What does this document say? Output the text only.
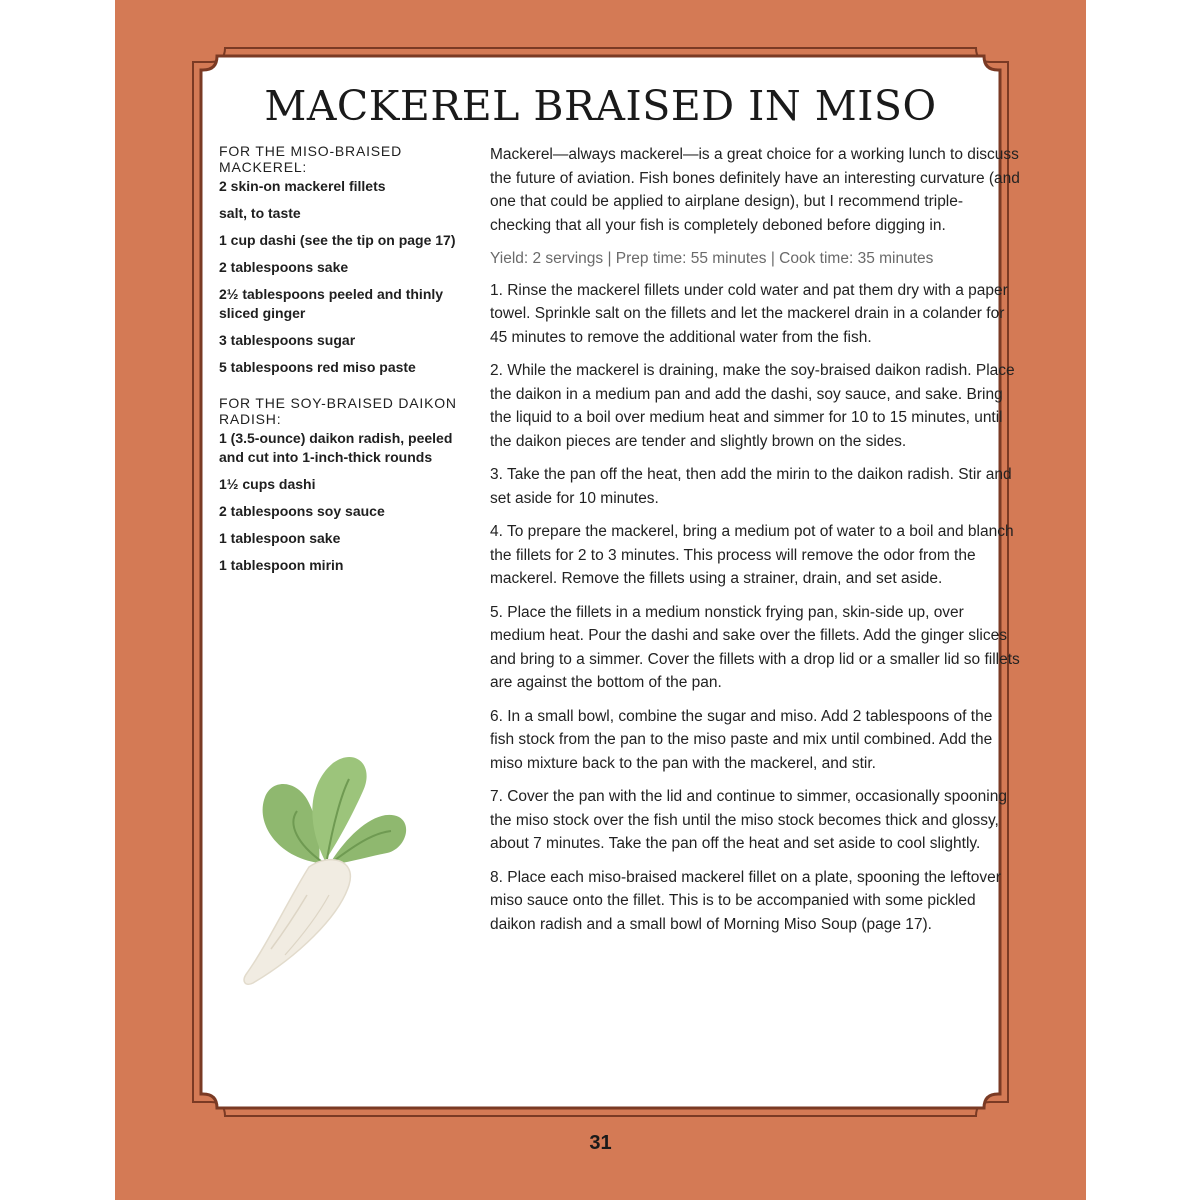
MACKEREL BRAISED IN MISO
FOR THE MISO-BRAISED MACKEREL:
2 skin-on mackerel fillets
salt, to taste
1 cup dashi (see the tip on page 17)
2 tablespoons sake
2½ tablespoons peeled and thinly sliced ginger
3 tablespoons sugar
5 tablespoons red miso paste
FOR THE SOY-BRAISED DAIKON RADISH:
1 (3.5-ounce) daikon radish, peeled and cut into 1-inch-thick rounds
1½ cups dashi
2 tablespoons soy sauce
1 tablespoon sake
1 tablespoon mirin

Mackerel—always mackerel—is a great choice for a working lunch to discuss the future of aviation. Fish bones definitely have an interesting curvature (and one that could be applied to airplane design), but I recommend triple-checking that all your fish is completely deboned before digging in.

Yield: 2 servings | Prep time: 55 minutes | Cook time: 35 minutes

1. Rinse the mackerel fillets under cold water and pat them dry with a paper towel. Sprinkle salt on the fillets and let the mackerel drain in a colander for 45 minutes to remove the additional water from the fish.
2. While the mackerel is draining, make the soy-braised daikon radish. Place the daikon in a medium pan and add the dashi, soy sauce, and sake. Bring the liquid to a boil over medium heat and simmer for 10 to 15 minutes, until the daikon pieces are tender and slightly brown on the sides.
3. Take the pan off the heat, then add the mirin to the daikon radish. Stir and set aside for 10 minutes.
4. To prepare the mackerel, bring a medium pot of water to a boil and blanch the fillets for 2 to 3 minutes. This process will remove the odor from the mackerel. Remove the fillets using a strainer, drain, and set aside.
5. Place the fillets in a medium nonstick frying pan, skin-side up, over medium heat. Pour the dashi and sake over the fillets. Add the ginger slices and bring to a simmer. Cover the fillets with a drop lid or a smaller lid so fillets are against the bottom of the pan.
6. In a small bowl, combine the sugar and miso. Add 2 tablespoons of the fish stock from the pan to the miso paste and mix until combined. Add the miso mixture back to the pan with the mackerel, and stir.
7. Cover the pan with the lid and continue to simmer, occasionally spooning the miso stock over the fish until the miso stock becomes thick and glossy, about 7 minutes. Take the pan off the heat and set aside to cool slightly.
8. Place each miso-braised mackerel fillet on a plate, spooning the leftover miso sauce onto the fillet. This is to be accompanied with some pickled daikon radish and a small bowl of Morning Miso Soup (page 17).
31
